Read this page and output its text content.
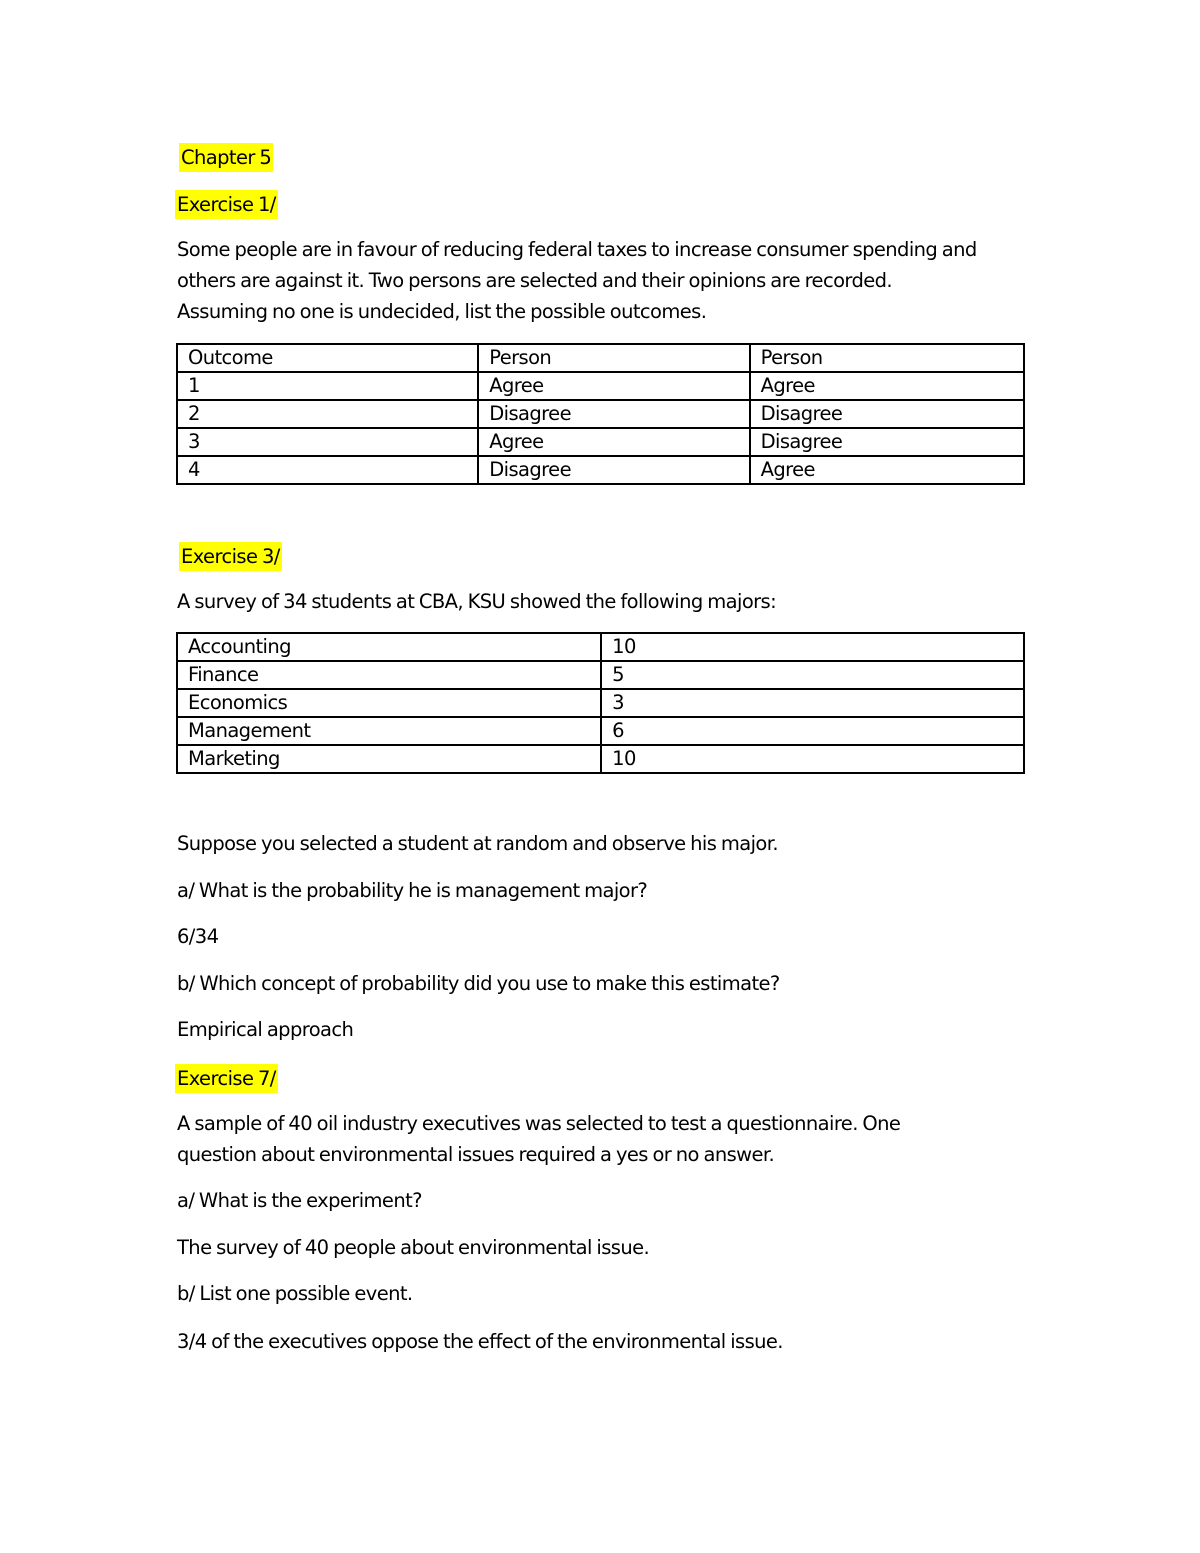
Chapter 5
Exercise 1/
Some people are in favour of reducing federal taxes to increase consumer spending and
others are against it. Two persons are selected and their opinions are recorded.
Assuming no one is undecided, list the possible outcomes.
Outcome	Person	Person
1	Agree	Agree
2	Disagree	Disagree
3	Agree	Disagree
4	Disagree	Agree
Exercise 3/
A survey of 34 students at CBA, KSU showed the following majors:
Accounting	10
Finance	5
Economics	3
Management	6
Marketing	10
Suppose you selected a student at random and observe his major.
a/ What is the probability he is management major?
6/34
b/ Which concept of probability did you use to make this estimate?
Empirical approach
Exercise 7/
A sample of 40 oil industry executives was selected to test a questionnaire. One
question about environmental issues required a yes or no answer.
a/ What is the experiment?
The survey of 40 people about environmental issue.
b/ List one possible event.
3/4 of the executives oppose the effect of the environmental issue.
